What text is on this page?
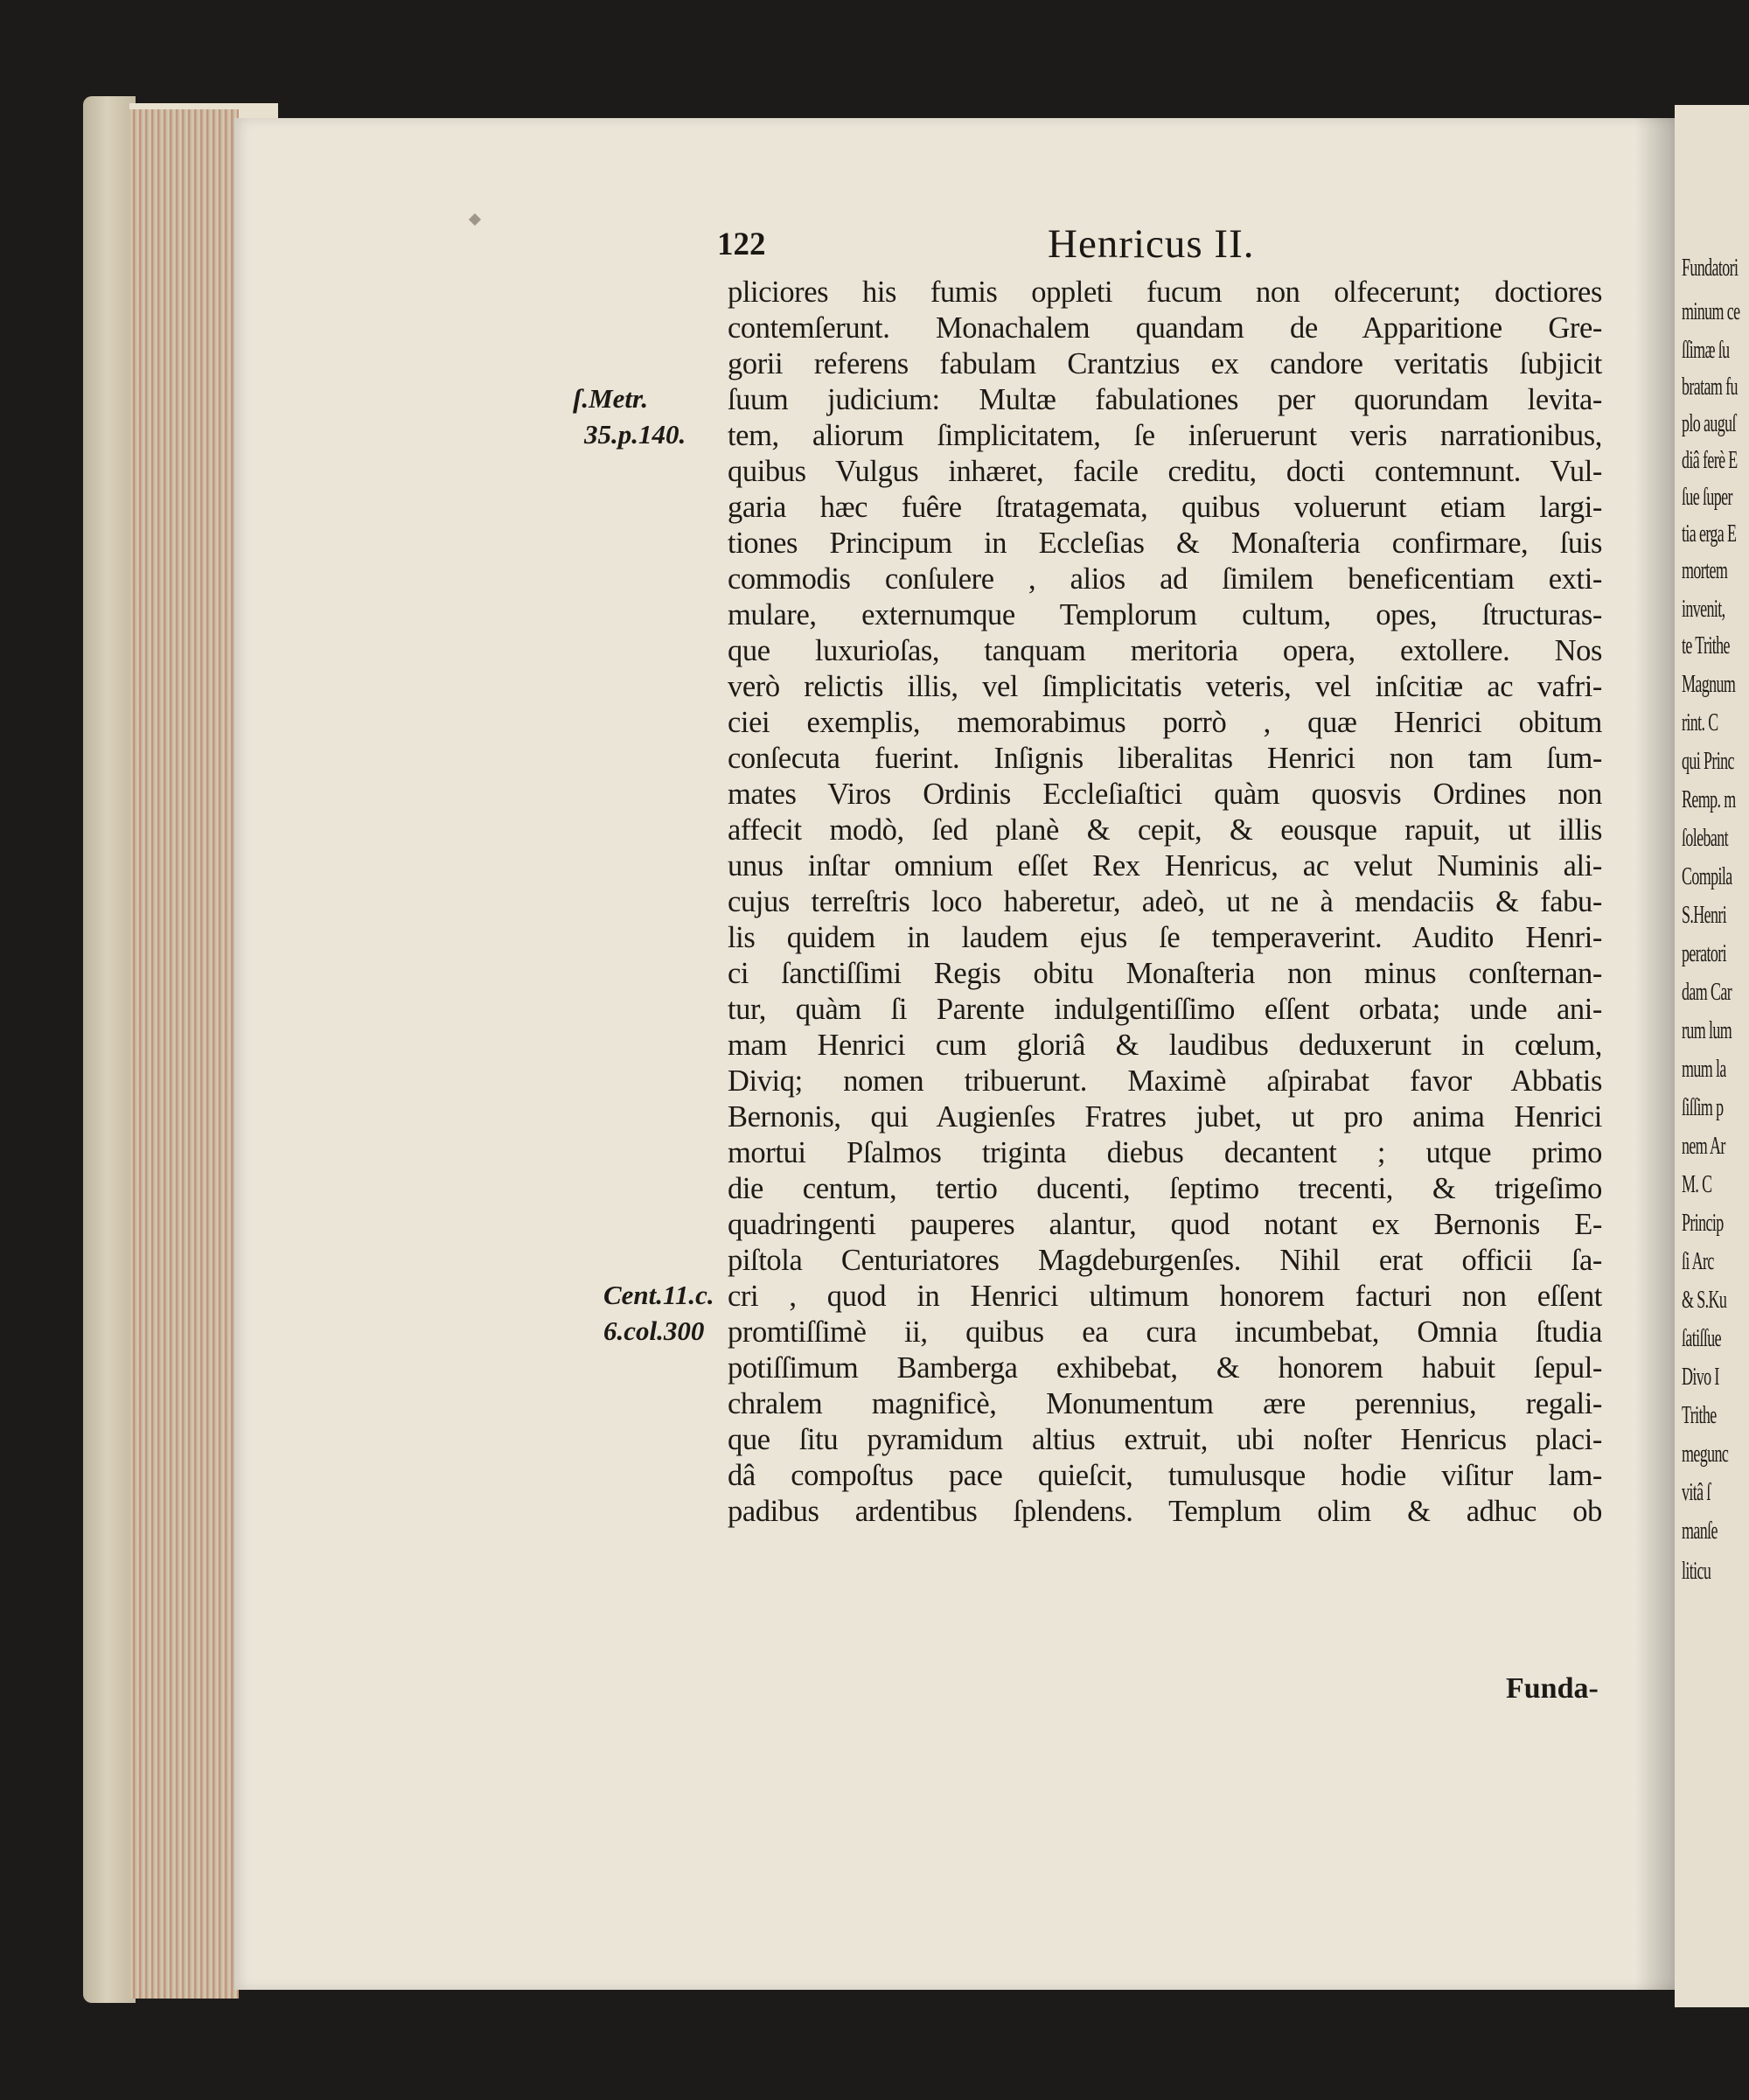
Fundatori
minum ce
ſſimæ ſu
bratam fu
plo auguſ
diâ ferè E
ſue ſuper
tia erga E
mortem
invenit,
te Trithe
Magnum
rint. C
qui Princ
Remp. m
ſolebant
Compila
S.Henri
peratori
dam Car
rum lum
mum la
ſiſſim p
nem Ar
M. C
Princip
ſi Arc
& S.Ku
ſatiſſue
Divo I
Trithe
megunc
vitâ ſ
manſe
liticu
122	Henricus II.
pliciores his fumis oppleti fucum non olfecerunt; doctiores
contemſerunt. Monachalem quandam de Apparitione Gre-
gorii referens fabulam Crantzius ex candore veritatis ſubjicit
ſuum judicium: Multæ fabulationes per quorundam levita-
tem, aliorum ſimplicitatem, ſe inſeruerunt veris narrationibus,
quibus Vulgus inhæret, facile creditu, docti contemnunt. Vul-
garia hæc fuêre ſtratagemata, quibus voluerunt etiam largi-
tiones Principum in Eccleſias & Monaſteria confirmare, ſuis
commodis conſulere , alios ad ſimilem beneficentiam exti-
mulare, externumque Templorum cultum, opes, ſtructuras-
que luxurioſas, tanquam meritoria opera, extollere. Nos
verò relictis illis, vel ſimplicitatis veteris, vel inſcitiæ ac vafri-
ciei exemplis, memorabimus porrò , quæ Henrici obitum
conſecuta fuerint. Inſignis liberalitas Henrici non tam ſum-
mates Viros Ordinis Eccleſiaſtici quàm quosvis Ordines non
affecit modò, ſed planè & cepit, & eousque rapuit, ut illis
unus inſtar omnium eſſet Rex Henricus, ac velut Numinis ali-
cujus terreſtris loco haberetur, adeò, ut ne à mendaciis & fabu-
lis quidem in laudem ejus ſe temperaverint. Audito Henri-
ci ſanctiſſimi Regis obitu Monaſteria non minus conſternan-
tur, quàm ſi Parente indulgentiſſimo eſſent orbata; unde ani-
mam Henrici cum gloriâ & laudibus deduxerunt in cœlum,
Diviq; nomen tribuerunt. Maximè aſpirabat favor Abbatis
Bernonis, qui Augienſes Fratres jubet, ut pro anima Henrici
mortui Pſalmos triginta diebus decantent ; utque primo
die centum, tertio ducenti, ſeptimo trecenti, & trigeſimo
quadringenti pauperes alantur, quod notant ex Bernonis E-
piſtola Centuriatores Magdeburgenſes. Nihil erat officii ſa-
cri , quod in Henrici ultimum honorem facturi non eſſent
promtiſſimè ii, quibus ea cura incumbebat, Omnia ſtudia
potiſſimum Bamberga exhibebat, & honorem habuit ſepul-
chralem magnificè, Monumentum ære perennius, regali-
que ſitu pyramidum altius extruit, ubi noſter Henricus placi-
dâ compoſtus pace quieſcit, tumulusque hodie viſitur lam-
padibus ardentibus ſplendens. Templum olim & adhuc ob
Funda-
ſ.Metr.
35.p.140.
Cent.11.c.
6.col.300
